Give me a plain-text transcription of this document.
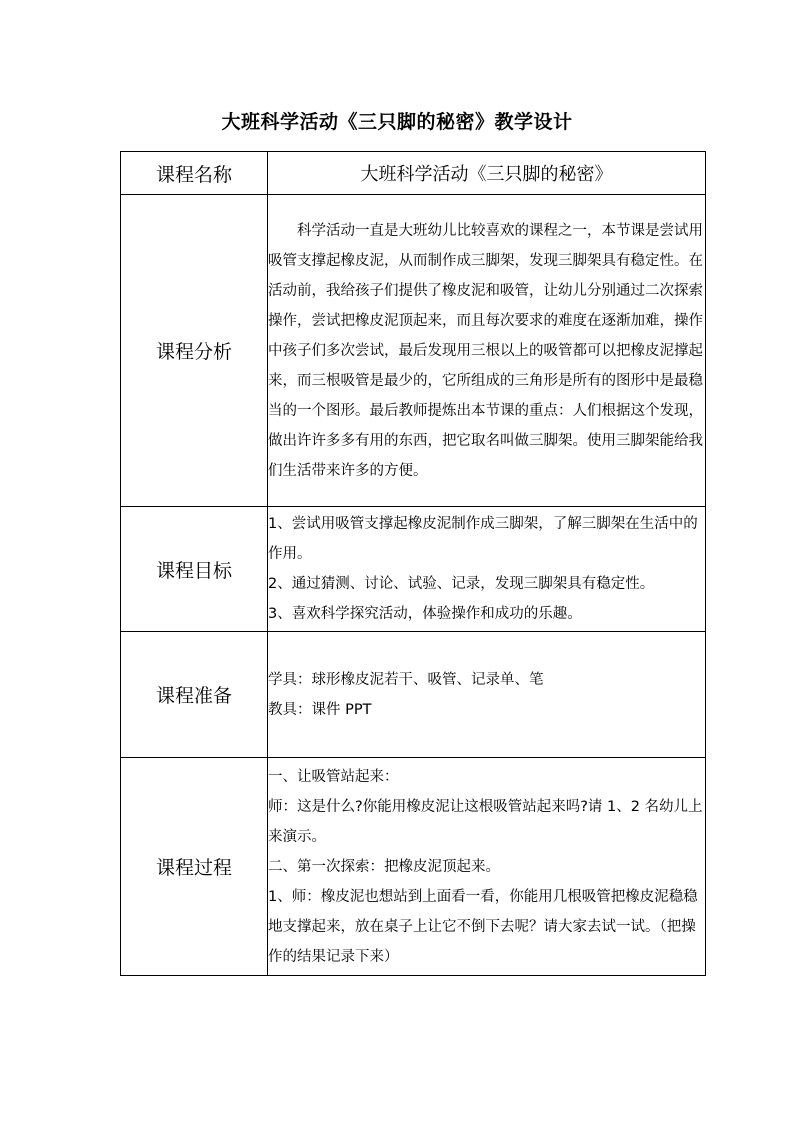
大班科学活动《三只脚的秘密》教学设计
课程名称	大班科学活动《三只脚的秘密》
课程分析	科学活动一直是大班幼儿比较喜欢的课程之一，本节课是尝试用吸管支撑起橡皮泥，从而制作成三脚架，发现三脚架具有稳定性。在活动前，我给孩子们提供了橡皮泥和吸管，让幼儿分别通过二次探索操作，尝试把橡皮泥顶起来，而且每次要求的难度在逐渐加难，操作中孩子们多次尝试，最后发现用三根以上的吸管都可以把橡皮泥撑起来，而三根吸管是最少的，它所组成的三角形是所有的图形中是最稳当的一个图形。最后教师提炼出本节课的重点：人们根据这个发现，做出许许多多有用的东西，把它取名叫做三脚架。使用三脚架能给我们生活带来许多的方便。

课程目标	1、尝试用吸管支撑起橡皮泥制作成三脚架，了解三脚架在生活中的作用。

2、通过猜测、讨论、试验、记录，发现三脚架具有稳定性。

3、喜欢科学探究活动，体验操作和成功的乐趣。

课程准备	学具：球形橡皮泥若干、吸管、记录单、笔

教具：课件 PPT

课程过程	一、让吸管站起来：

师：这是什么?你能用橡皮泥让这根吸管站起来吗?请 1、2 名幼儿上来演示。

二、第一次探索：把橡皮泥顶起来。

1、师：橡皮泥也想站到上面看一看，你能用几根吸管把橡皮泥稳稳地支撑起来，放在桌子上让它不倒下去呢？请大家去试一试。（把操作的结果记录下来）
